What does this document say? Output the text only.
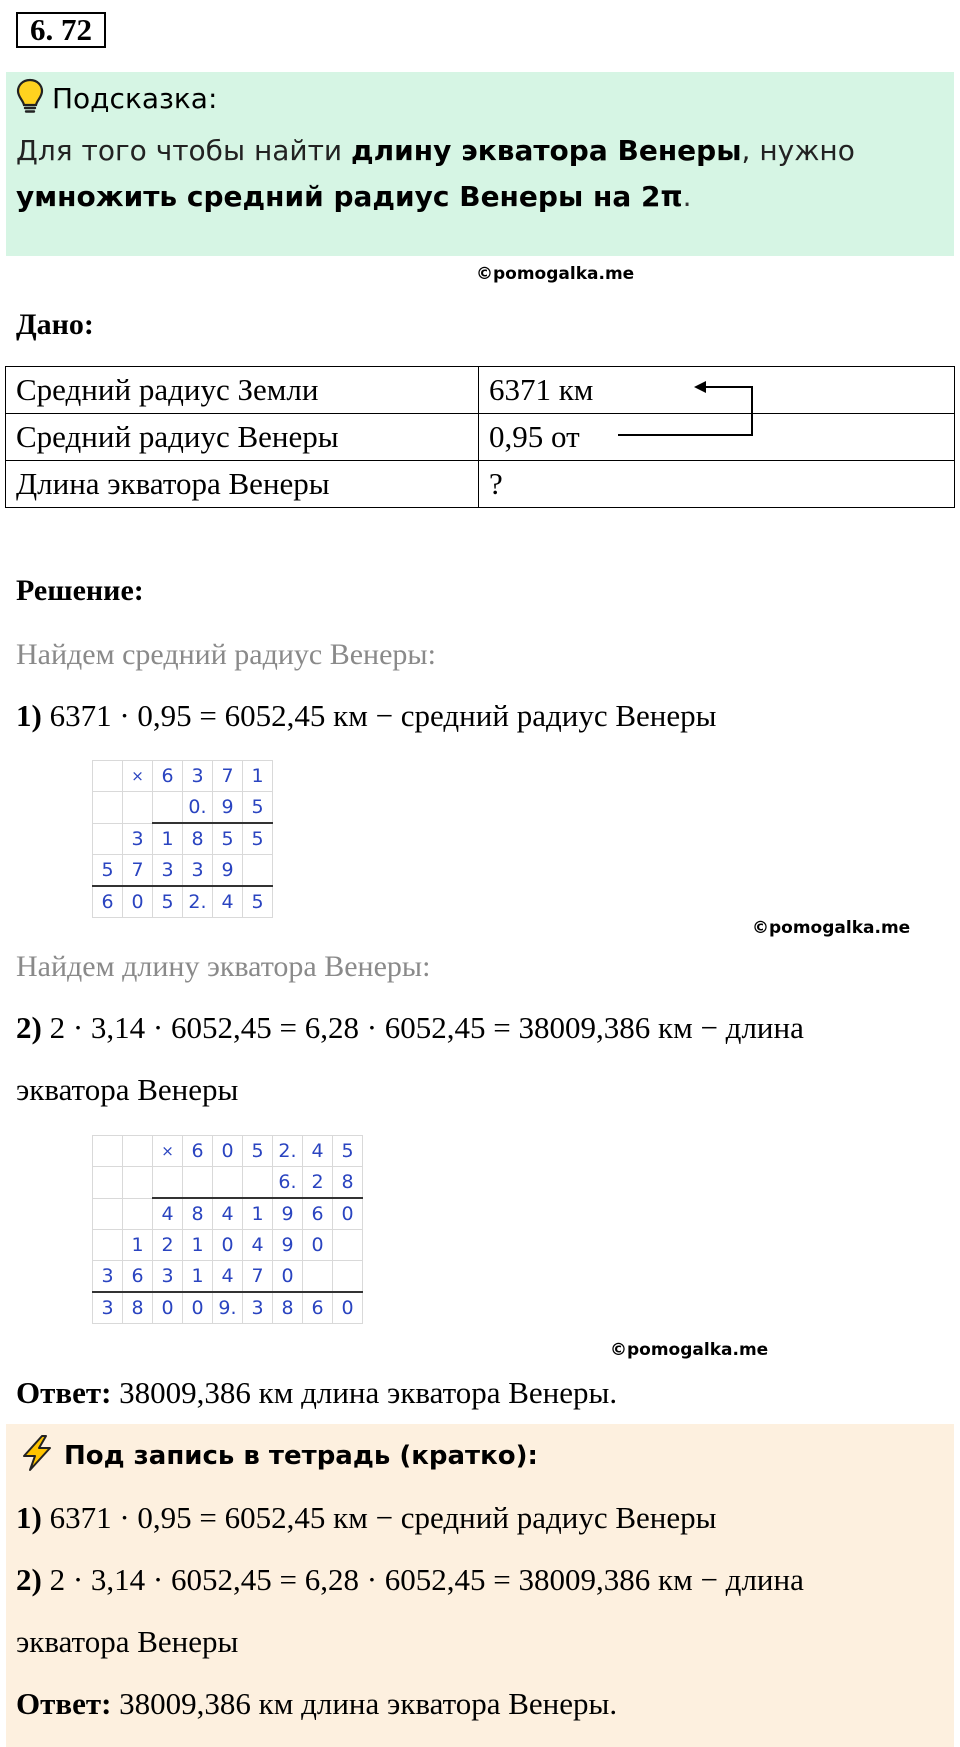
6. 72
Подсказка:
Для того чтобы найти длину экватора Венеры, нужно
умножить средний радиус Венеры на 2π.
©pomogalka.me
Дано:
Средний радиус Земли	6371 км
Средний радиус Венеры	0,95 от
Длина экватора Венеры	?
Решение:
Найдем средний радиус Венеры:
1) 6371 · 0,95 = 6052,45 км − средний радиус Венеры
	×	6	3	7	1
			0.	9	5
	3	1	8	5	5
5	7	3	3	9	
6	0	5	2.	4	5
©pomogalka.me
Найдем длину экватора Венеры:
2) 2 · 3,14 · 6052,45 = 6,28 · 6052,45 = 38009,386 км − длина
экватора Венеры
		×	6	0	5	2.	4	5
						6.	2	8
		4	8	4	1	9	6	0
	1	2	1	0	4	9	0	
3	6	3	1	4	7	0		
3	8	0	0	9.	3	8	6	0
©pomogalka.me
Ответ: 38009,386 км длина экватора Венеры.
Под запись в тетрадь (кратко):
1) 6371 · 0,95 = 6052,45 км − средний радиус Венеры
2) 2 · 3,14 · 6052,45 = 6,28 · 6052,45 = 38009,386 км − длина
экватора Венеры
Ответ: 38009,386 км длина экватора Венеры.
